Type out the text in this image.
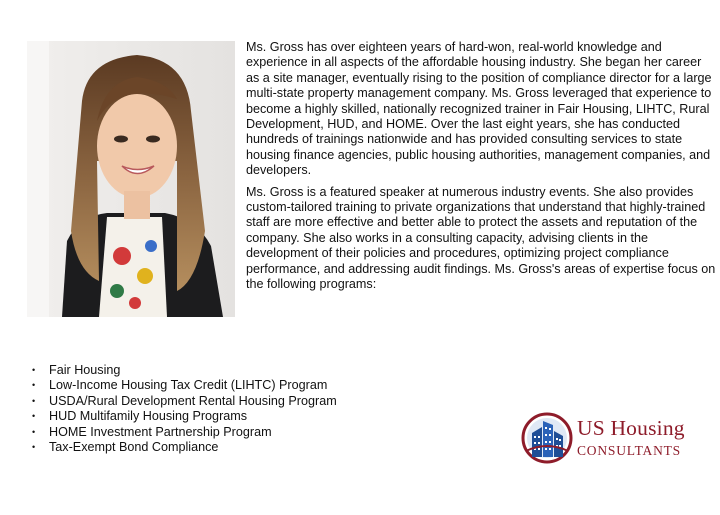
Ms. Gross has over eighteen years of hard-won, real-world knowledge and experience in all aspects of the affordable housing industry. She began her career as a site manager, eventually rising to the position of compliance director for a large multi-state property management company. Ms. Gross leveraged that experience to become a highly skilled, nationally recognized trainer in Fair Housing, LIHTC, Rural Development, HUD, and HOME. Over the last eight years, she has conducted hundreds of trainings nationwide and has provided consulting services to state housing finance agencies, public housing authorities, management companies, and developers.

Ms. Gross is a featured speaker at numerous industry events. She also provides custom-tailored training to private organizations that understand that highly-trained staff are more effective and better able to protect the assets and reputation of the company. She also works in a consulting capacity, advising clients in the development of their policies and procedures, optimizing project compliance performance, and addressing audit findings. Ms. Gross's areas of expertise focus on the following programs:

• Fair Housing
• Low-Income Housing Tax Credit (LIHTC) Program
• USDA/Rural Development Rental Housing Program
• HUD Multifamily Housing Programs
• HOME Investment Partnership Program
• Tax-Exempt Bond Compliance
US Housing
CONSULTANTS
